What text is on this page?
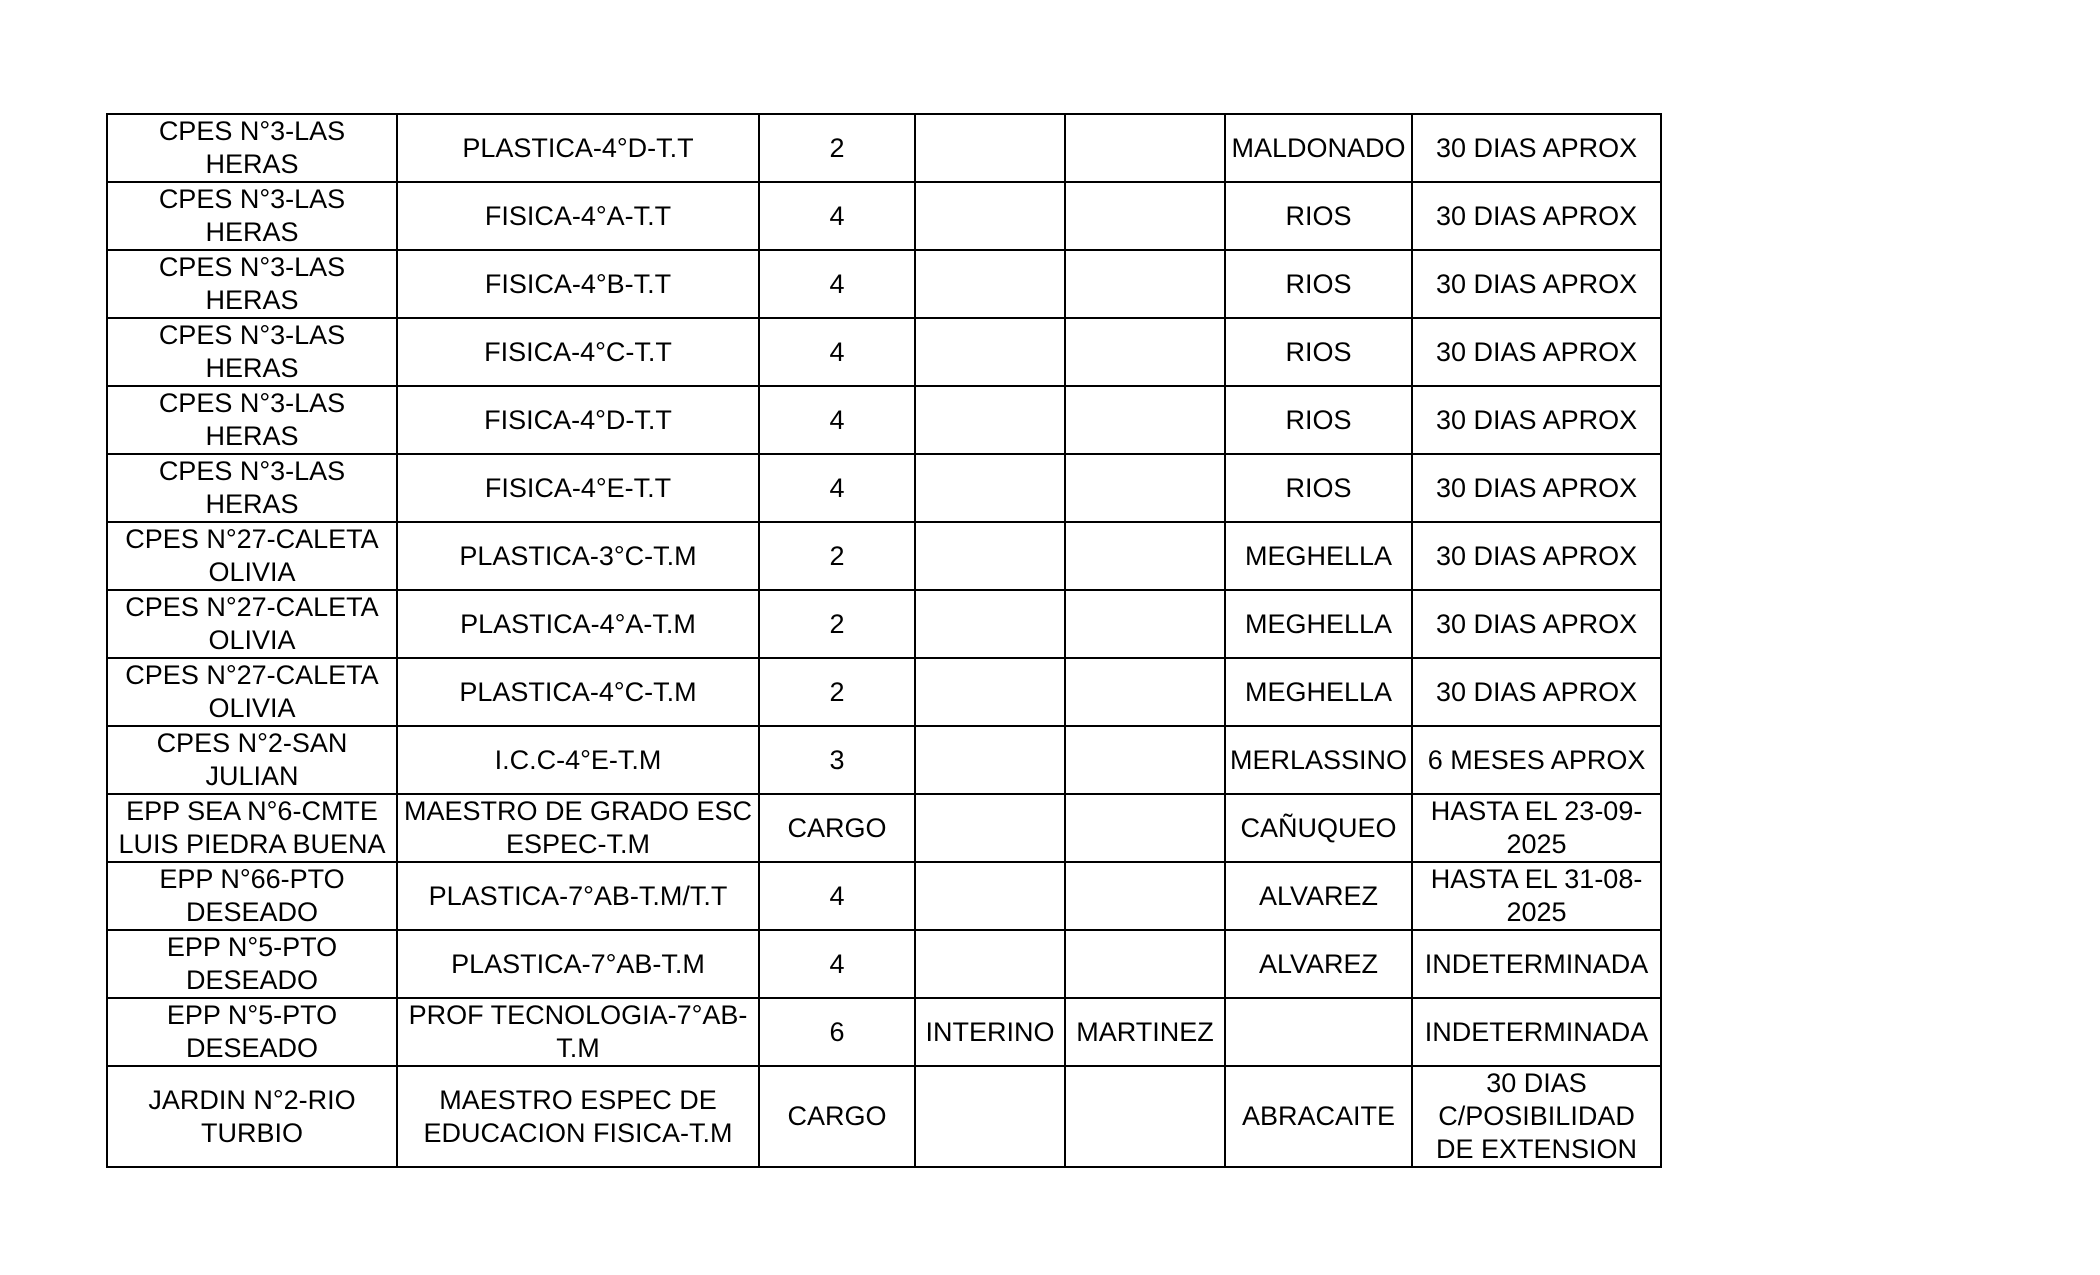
CPES N°3-LAS HERAS	PLASTICA-4°D-T.T	2			MALDONADO	30 DIAS APROX
CPES N°3-LAS HERAS	FISICA-4°A-T.T	4			RIOS	30 DIAS APROX
CPES N°3-LAS HERAS	FISICA-4°B-T.T	4			RIOS	30 DIAS APROX
CPES N°3-LAS HERAS	FISICA-4°C-T.T	4			RIOS	30 DIAS APROX
CPES N°3-LAS HERAS	FISICA-4°D-T.T	4			RIOS	30 DIAS APROX
CPES N°3-LAS HERAS	FISICA-4°E-T.T	4			RIOS	30 DIAS APROX
CPES N°27-CALETA OLIVIA	PLASTICA-3°C-T.M	2			MEGHELLA	30 DIAS APROX
CPES N°27-CALETA OLIVIA	PLASTICA-4°A-T.M	2			MEGHELLA	30 DIAS APROX
CPES N°27-CALETA OLIVIA	PLASTICA-4°C-T.M	2			MEGHELLA	30 DIAS APROX
CPES N°2-SAN JULIAN	I.C.C-4°E-T.M	3			MERLASSINO	6 MESES APROX
EPP SEA N°6-CMTE LUIS PIEDRA BUENA	MAESTRO DE GRADO ESC ESPEC-T.M	CARGO			CAÑUQUEO	HASTA EL 23-09-2025
EPP N°66-PTO DESEADO	PLASTICA-7°AB-T.M/T.T	4			ALVAREZ	HASTA EL 31-08-2025
EPP N°5-PTO DESEADO	PLASTICA-7°AB-T.M	4			ALVAREZ	INDETERMINADA
EPP N°5-PTO DESEADO	PROF TECNOLOGIA-7°AB-T.M	6	INTERINO	MARTINEZ		INDETERMINADA
JARDIN N°2-RIO TURBIO	MAESTRO ESPEC DE EDUCACION FISICA-T.M	CARGO			ABRACAITE	30 DIAS C/POSIBILIDAD DE EXTENSION
